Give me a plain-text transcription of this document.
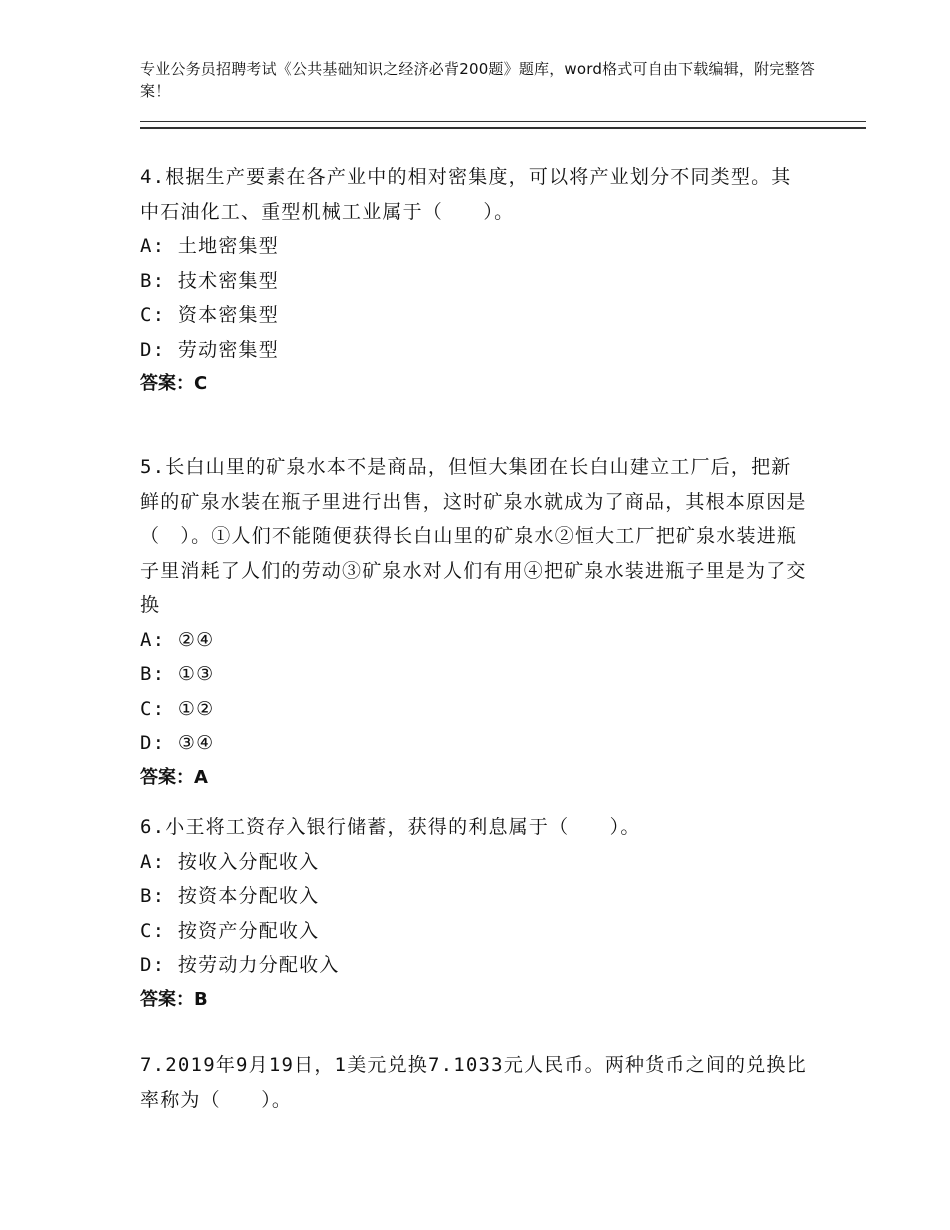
专业公务员招聘考试《公共基础知识之经济必背200题》题库，word格式可自由下载编辑，附完整答案！
4.根据生产要素在各产业中的相对密集度，可以将产业划分不同类型。其中石油化工、重型机械工业属于（　　）。
A: 土地密集型
B: 技术密集型
C: 资本密集型
D: 劳动密集型
答案：C
5.长白山里的矿泉水本不是商品，但恒大集团在长白山建立工厂后，把新鲜的矿泉水装在瓶子里进行出售，这时矿泉水就成为了商品，其根本原因是（　）。①人们不能随便获得长白山里的矿泉水②恒大工厂把矿泉水装进瓶子里消耗了人们的劳动③矿泉水对人们有用④把矿泉水装进瓶子里是为了交换
A: ②④
B: ①③
C: ①②
D: ③④
答案：A
6.小王将工资存入银行储蓄，获得的利息属于（　　）。
A: 按收入分配收入
B: 按资本分配收入
C: 按资产分配收入
D: 按劳动力分配收入
答案：B
7.2019年9月19日，1美元兑换7.1033元人民币。两种货币之间的兑换比率称为（　　）。
